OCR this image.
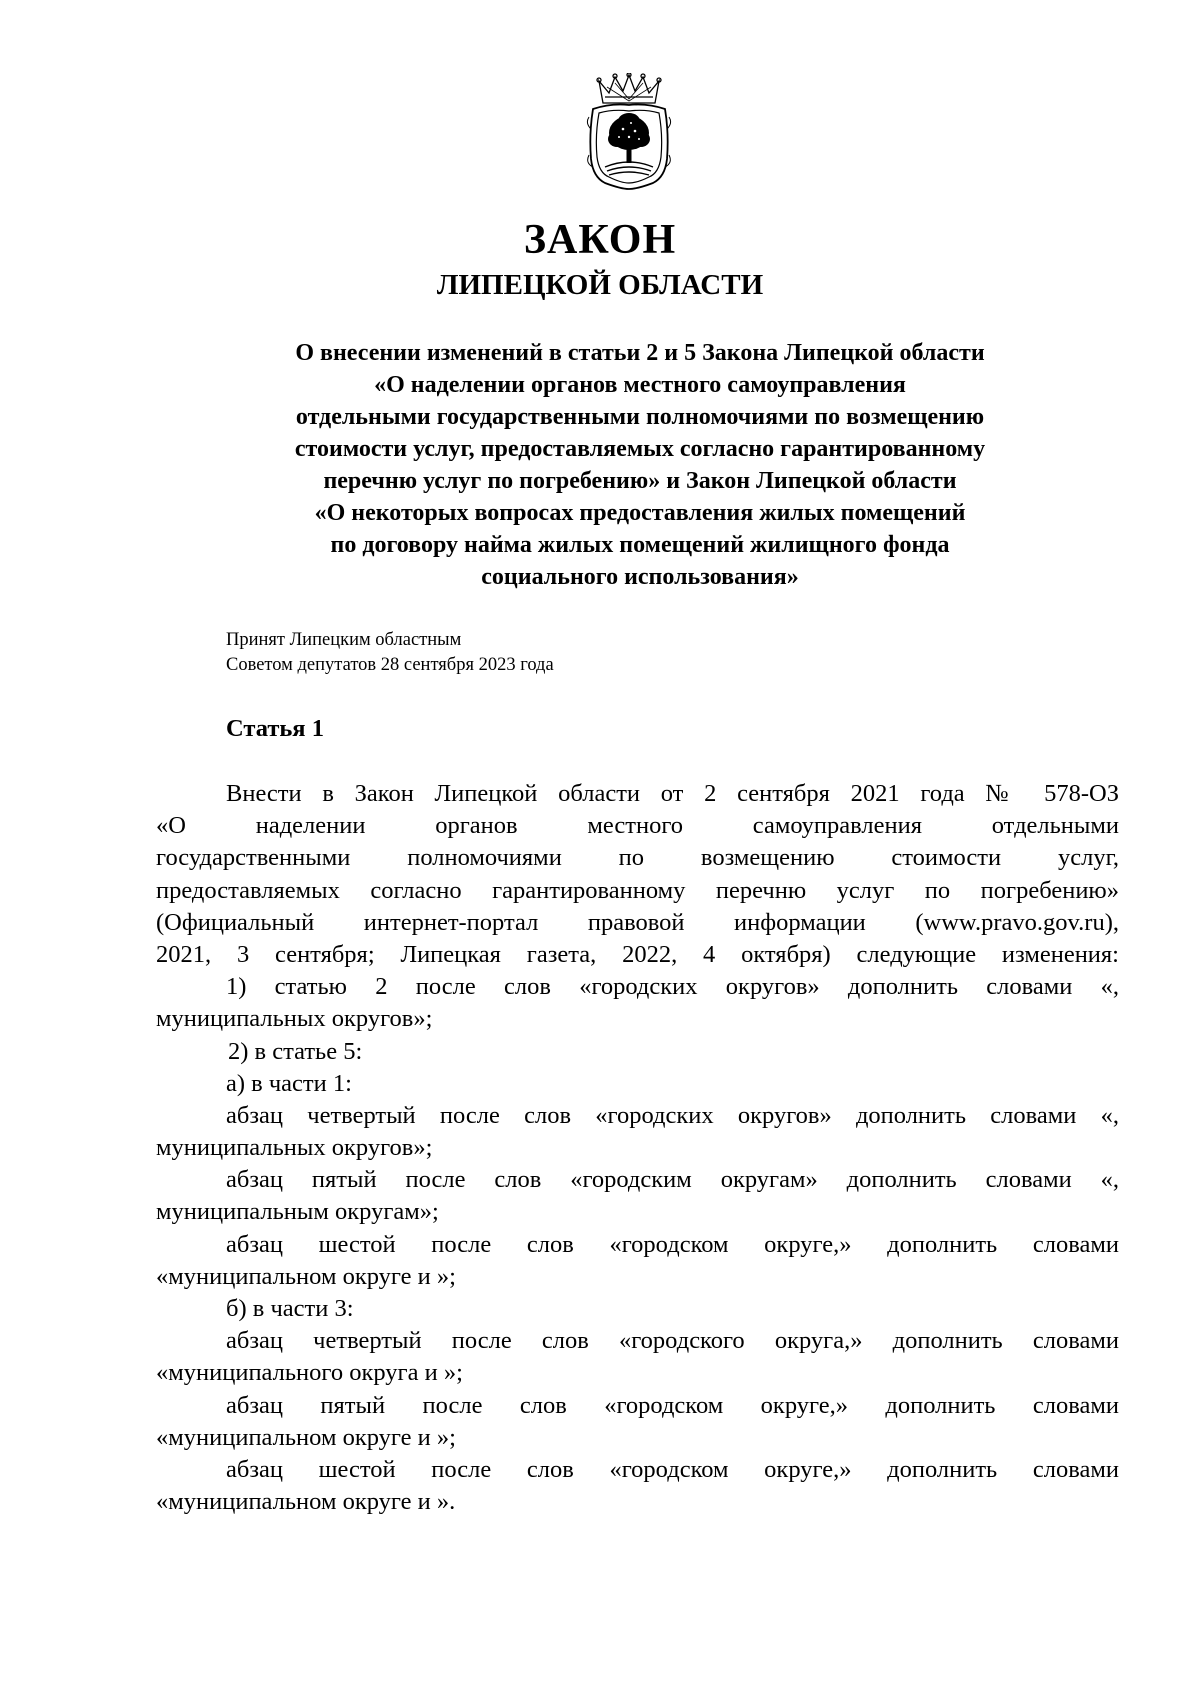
ЗАКОН
ЛИПЕЦКОЙ ОБЛАСТИ
О внесении изменений в статьи 2 и 5 Закона Липецкой области
«О наделении органов местного самоуправления
отдельными государственными полномочиями по возмещению
стоимости услуг, предоставляемых согласно гарантированному
перечню услуг по погребению» и Закон Липецкой области
«О некоторых вопросах предоставления жилых помещений
по договору найма жилых помещений жилищного фонда
социального использования»
Принят Липецким областным
Советом депутатов 28 сентября 2023 года
Статья 1
Внести в Закон Липецкой области от 2 сентября 2021 года № 578-ОЗ
«О наделении органов местного самоуправления отдельными
государственными полномочиями по возмещению стоимости услуг,
предоставляемых согласно гарантированному перечню услуг по погребению»
(Официальный интернет-портал правовой информации (www.pravo.gov.ru),
2021, 3 сентября; Липецкая газета, 2022, 4 октября) следующие изменения:
1) статью 2 после слов «городских округов» дополнить словами «,
муниципальных округов»;
2) в статье 5:
а) в части 1:
абзац четвертый после слов «городских округов» дополнить словами «,
муниципальных округов»;
абзац пятый после слов «городским округам» дополнить словами «,
муниципальным округам»;
абзац шестой после слов «городском округе,» дополнить словами
«муниципальном округе и »;
б) в части 3:
абзац четвертый после слов «городского округа,» дополнить словами
«муниципального округа и »;
абзац пятый после слов «городском округе,» дополнить словами
«муниципальном округе и »;
абзац шестой после слов «городском округе,» дополнить словами
«муниципальном округе и ».
